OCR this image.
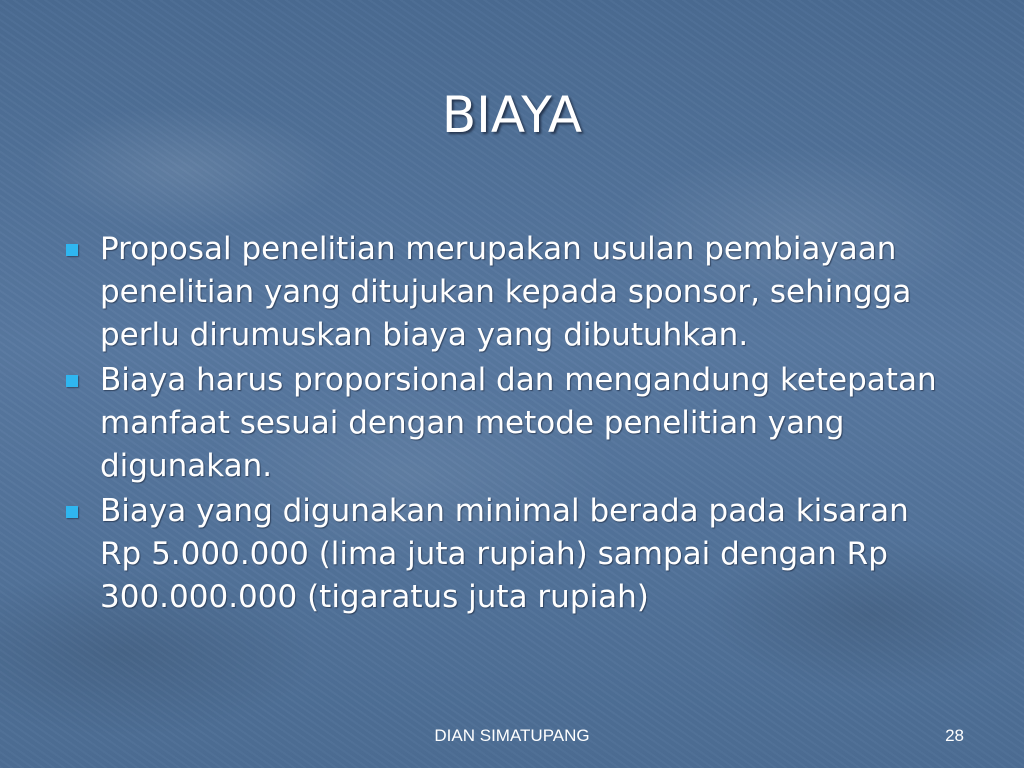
BIAYA
Proposal penelitian merupakan usulan pembiayaan penelitian yang ditujukan kepada sponsor, sehingga perlu dirumuskan biaya yang dibutuhkan.
Biaya harus proporsional dan mengandung ketepatan manfaat sesuai dengan metode penelitian yang digunakan.
Biaya yang digunakan minimal berada pada kisaran Rp 5.000.000 (lima juta rupiah) sampai dengan Rp 300.000.000 (tigaratus juta rupiah)
DIAN SIMATUPANG	28
